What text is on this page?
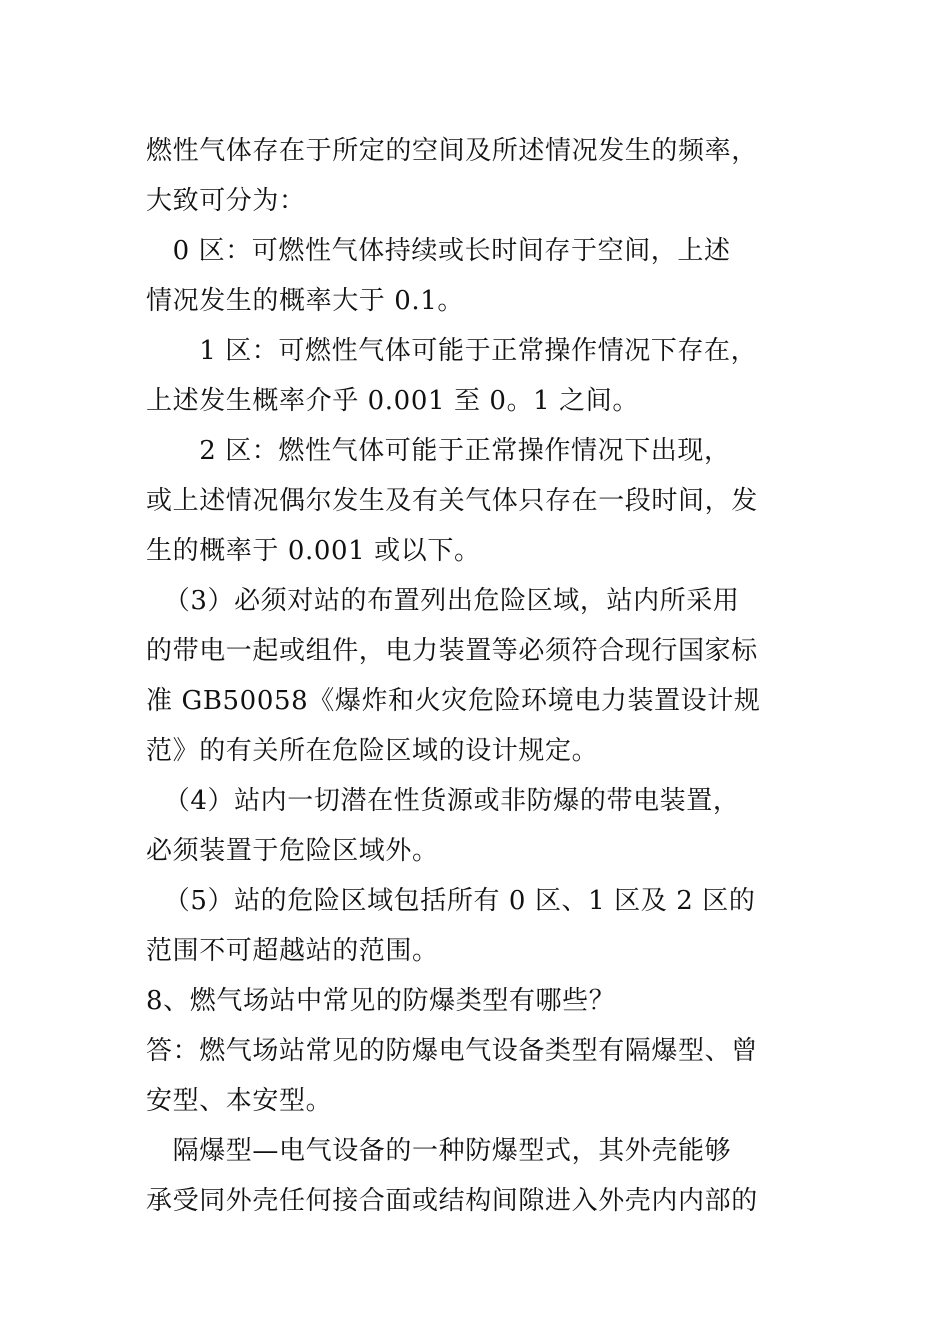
燃性气体存在于所定的空间及所述情况发生的频率，
大致可分为：
0 区：可燃性气体持续或长时间存于空间，上述
情况发生的概率大于 0.1。
1 区：可燃性气体可能于正常操作情况下存在，
上述发生概率介乎 0.001 至 0。1 之间。
2 区：燃性气体可能于正常操作情况下出现，
或上述情况偶尔发生及有关气体只存在一段时间，发
生的概率于 0.001 或以下。
（3）必须对站的布置列出危险区域，站内所采用
的带电一起或组件，电力装置等必须符合现行国家标
准 GB50058《爆炸和火灾危险环境电力装置设计规
范》的有关所在危险区域的设计规定。
（4）站内一切潜在性货源或非防爆的带电装置，
必须装置于危险区域外。
（5）站的危险区域包括所有 0 区、1 区及 2 区的
范围不可超越站的范围。
8、燃气场站中常见的防爆类型有哪些？
答：燃气场站常见的防爆电气设备类型有隔爆型、曾
安型、本安型。
隔爆型—电气设备的一种防爆型式，其外壳能够
承受同外壳任何接合面或结构间隙进入外壳内内部的
